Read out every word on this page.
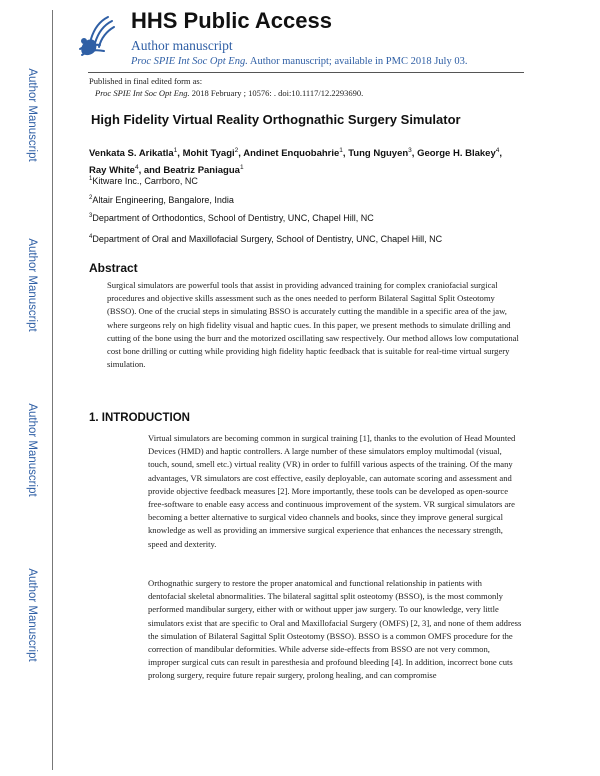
HHS Public Access
Author manuscript
Proc SPIE Int Soc Opt Eng. Author manuscript; available in PMC 2018 July 03.
Author Manuscript
Author Manuscript
Author Manuscript
Author Manuscript
Published in final edited form as:
Proc SPIE Int Soc Opt Eng. 2018 February ; 10576: . doi:10.1117/12.2293690.
High Fidelity Virtual Reality Orthognathic Surgery Simulator
Venkata S. Arikatla$^1$, Mohit Tyagi$^2$, Andinet Enquobahrie$^1$, Tung Nguyen$^3$, George H. Blakey$^4$, Ray White$^4$, and Beatriz Paniagua$^1$
$^1$Kitware Inc., Carrboro, NC
$^2$Altair Engineering, Bangalore, India
$^3$Department of Orthodontics, School of Dentistry, UNC, Chapel Hill, NC
$^4$Department of Oral and Maxillofacial Surgery, School of Dentistry, UNC, Chapel Hill, NC
Abstract

Surgical simulators are powerful tools that assist in providing advanced training for complex craniofacial surgical procedures and objective skills assessment such as the ones needed to perform Bilateral Sagittal Split Osteotomy (BSSO). One of the crucial steps in simulating BSSO is accurately cutting the mandible in a specific area of the jaw, where surgeons rely on high fidelity visual and haptic cues. In this paper, we present methods to simulate drilling and cutting of the bone using the burr and the motorized oscillating saw respectively. Our method allows low computational cost bone drilling or cutting while providing high fidelity haptic feedback that is suitable for real-time virtual surgery simulation.

1. INTRODUCTION

Virtual simulators are becoming common in surgical training [1], thanks to the evolution of Head Mounted Devices (HMD) and haptic controllers. A large number of these simulators employ multimodal (visual, touch, sound, smell etc.) virtual reality (VR) in order to fulfill various aspects of the training. Of the many advantages, VR simulators are cost effective, easily deployable, can automate scoring and assessment and provide objective feedback measures [2]. More importantly, these tools can be developed as open-source free-software to enable easy access and continuous improvement of the system. VR surgical simulators are becoming a better alternative to surgical video channels and books, since they improve general surgical knowledge as well as providing an immersive surgical experience that enhances the necessary strength, speed and dexterity.

Orthognathic surgery to restore the proper anatomical and functional relationship in patients with dentofacial skeletal abnormalities. The bilateral sagittal split osteotomy (BSSO), is the most commonly performed mandibular surgery, either with or without upper jaw surgery. To our knowledge, very little simulators exist that are specific to Oral and Maxillofacial Surgery (OMFS) [2, 3], and none of them address the simulation of Bilateral Sagittal Split Osteotomy (BSSO). BSSO is a common OMFS procedure for the correction of mandibular deformities. While adverse side-effects from BSSO are not very common, improper surgical cuts can result in paresthesia and profound bleeding [4]. In addition, incorrect bone cuts prolong surgery, require future repair surgery, prolong healing, and can compromise
